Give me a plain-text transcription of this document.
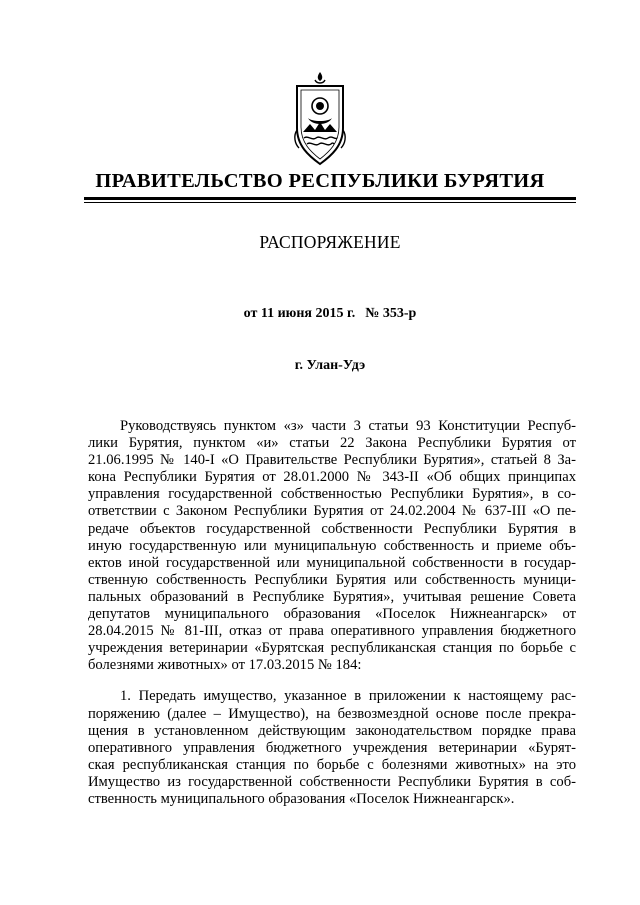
ПРАВИТЕЛЬСТВО РЕСПУБЛИКИ БУРЯТИЯ
РАСПОРЯЖЕНИЕ
от 11 июня 2015 г. № 353-р
г. Улан-Удэ
Руководствуясь пунктом «з» части 3 статьи 93 Конституции Респуб-
лики Бурятия, пунктом «и» статьи 22 Закона Республики Бурятия от
21.06.1995 № 140-I «О Правительстве Республики Бурятия», статьей 8 За-
кона Республики Бурятия от 28.01.2000 № 343-II «Об общих принципах
управления государственной собственностью Республики Бурятия», в со-
ответствии с Законом Республики Бурятия от 24.02.2004 № 637-III «О пе-
редаче объектов государственной собственности Республики Бурятия в
иную государственную или муниципальную собственность и приеме объ-
ектов иной государственной или муниципальной собственности в государ-
ственную собственность Республики Бурятия или собственность муници-
пальных образований в Республике Бурятия», учитывая решение Совета
депутатов муниципального образования «Поселок Нижнеангарск» от
28.04.2015 № 81-III, отказ от права оперативного управления бюджетного
учреждения ветеринарии «Бурятская республиканская станция по борьбе с
болезнями животных» от 17.03.2015 № 184:
1. Передать имущество, указанное в приложении к настоящему рас-
поряжению (далее – Имущество), на безвозмездной основе после прекра-
щения в установленном действующим законодательством порядке права
оперативного управления бюджетного учреждения ветеринарии «Бурят-
ская республиканская станция по борьбе с болезнями животных» на это
Имущество из государственной собственности Республики Бурятия в соб-
ственность муниципального образования «Поселок Нижнеангарск».
